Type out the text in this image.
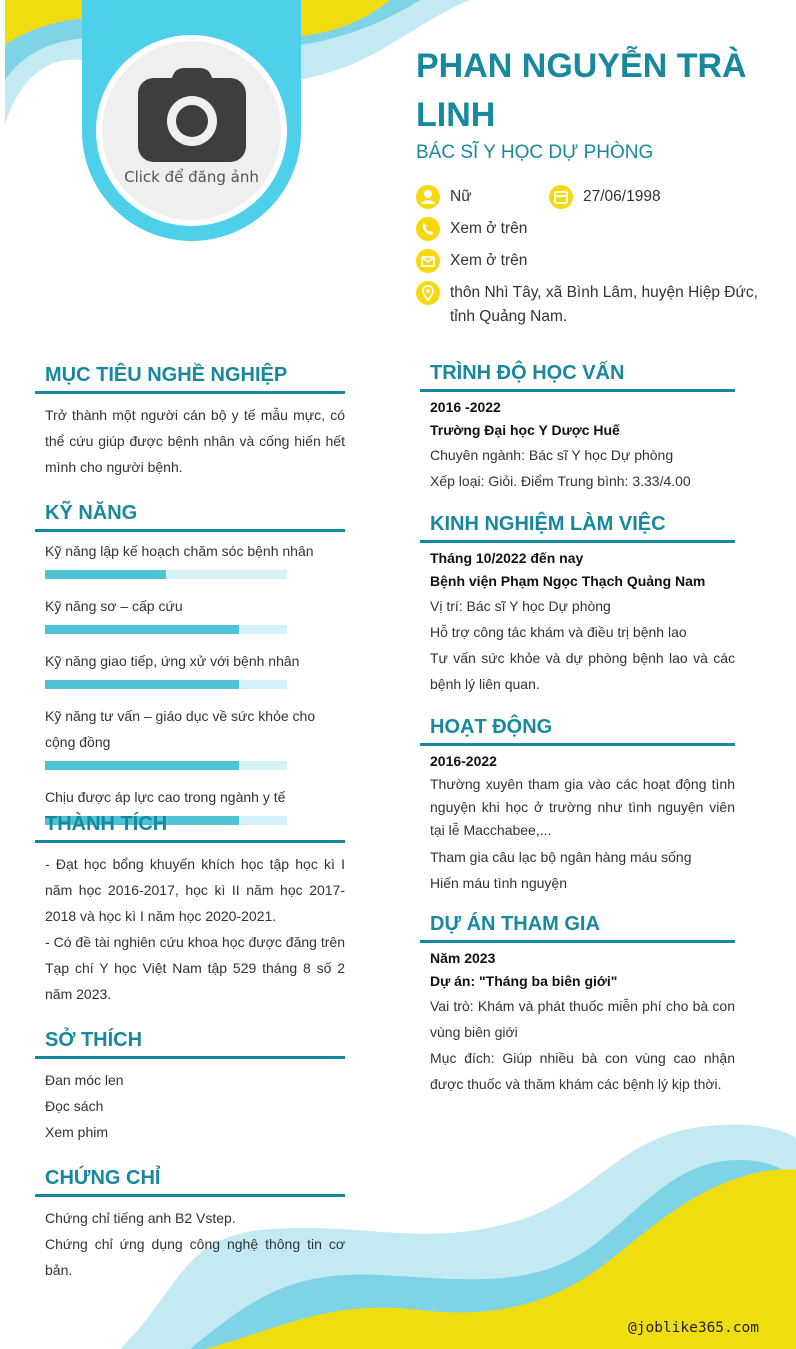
Click để đăng ảnh
PHAN NGUYỄN TRÀ LINH
BÁC SĨ Y HỌC DỰ PHÒNG
Nữ	27/06/1998
Xem ở trên
Xem ở trên
thôn Nhì Tây, xã Bình Lâm, huyện Hiệp Đức, tỉnh Quảng Nam.
MỤC TIÊU NGHỀ NGHIỆP
Trở thành một người cán bộ y tế mẫu mực, có thể cứu giúp được bệnh nhân và cống hiến hết mình cho người bệnh.
KỸ NĂNG
Kỹ năng lập kế hoạch chăm sóc bệnh nhân
Kỹ năng sơ – cấp cứu
Kỹ năng giao tiếp, ứng xử với bệnh nhân
Kỹ năng tư vấn – giáo dục về sức khỏe cho cộng đồng
Chịu được áp lực cao trong ngành y tế
THÀNH TÍCH
- Đạt học bổng khuyến khích học tập học kì I năm học 2016-2017, học kì II năm học 2017-2018 và học kì I năm học 2020-2021.
- Có đề tài nghiên cứu khoa học được đăng trên Tạp chí Y học Việt Nam tập 529 tháng 8 số 2 năm 2023.
SỞ THÍCH
Đan móc len
Đọc sách
Xem phim
CHỨNG CHỈ
Chứng chỉ tiếng anh B2 Vstep.
Chứng chỉ ứng dụng công nghệ thông tin cơ bản.
TRÌNH ĐỘ HỌC VẤN
2016 -2022
Trường Đại học Y Dược Huế
Chuyên ngành: Bác sĩ Y học Dự phòng
Xếp loại: Giỏi. Điểm Trung bình: 3.33/4.00
KINH NGHIỆM LÀM VIỆC
Tháng 10/2022 đến nay
Bệnh viện Phạm Ngọc Thạch Quảng Nam
Vị trí: Bác sĩ Y học Dự phòng
Hỗ trợ công tác khám và điều trị bệnh lao
Tư vấn sức khỏe và dự phòng bệnh lao và các bệnh lý liên quan.
HOẠT ĐỘNG
2016-2022
Thường xuyên tham gia vào các hoạt động tình nguyện khi học ở trường như tình nguyện viên tại lễ Macchabee,...
Tham gia câu lạc bộ ngân hàng máu sống
Hiến máu tình nguyện
DỰ ÁN THAM GIA
Năm 2023
Dự án: "Tháng ba biên giới"
Vai trò: Khám và phát thuốc miễn phí cho bà con vùng biên giới
Mục đích: Giúp nhiều bà con vùng cao nhận được thuốc và thăm khám các bệnh lý kịp thời.
@joblike365.com
